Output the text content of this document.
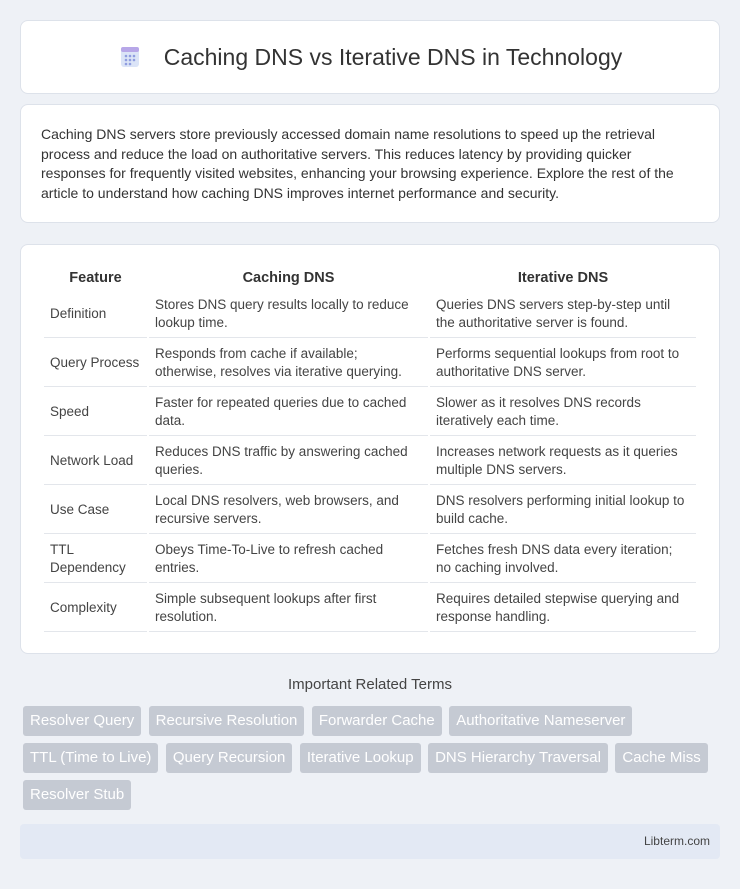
Caching DNS vs Iterative DNS in Technology

Caching DNS servers store previously accessed domain name resolutions to speed up the retrieval process and reduce the load on authoritative servers. This reduces latency by providing quicker responses for frequently visited websites, enhancing your browsing experience. Explore the rest of the article to understand how caching DNS improves internet performance and security.

Feature	Caching DNS	Iterative DNS
Definition	Stores DNS query results locally to reduce lookup time.	Queries DNS servers step-by-step until the authoritative server is found.
Query Process	Responds from cache if available; otherwise, resolves via iterative querying.	Performs sequential lookups from root to authoritative DNS server.
Speed	Faster for repeated queries due to cached data.	Slower as it resolves DNS records iteratively each time.
Network Load	Reduces DNS traffic by answering cached queries.	Increases network requests as it queries multiple DNS servers.
Use Case	Local DNS resolvers, web browsers, and recursive servers.	DNS resolvers performing initial lookup to build cache.
TTL Dependency	Obeys Time-To-Live to refresh cached entries.	Fetches fresh DNS data every iteration; no caching involved.
Complexity	Simple subsequent lookups after first resolution.	Requires detailed stepwise querying and response handling.
Important Related Terms
Resolver Query Recursive Resolution Forwarder Cache Authoritative Nameserver TTL (Time to Live) Query Recursion Iterative Lookup DNS Hierarchy Traversal Cache Miss Resolver Stub
Libterm.com
